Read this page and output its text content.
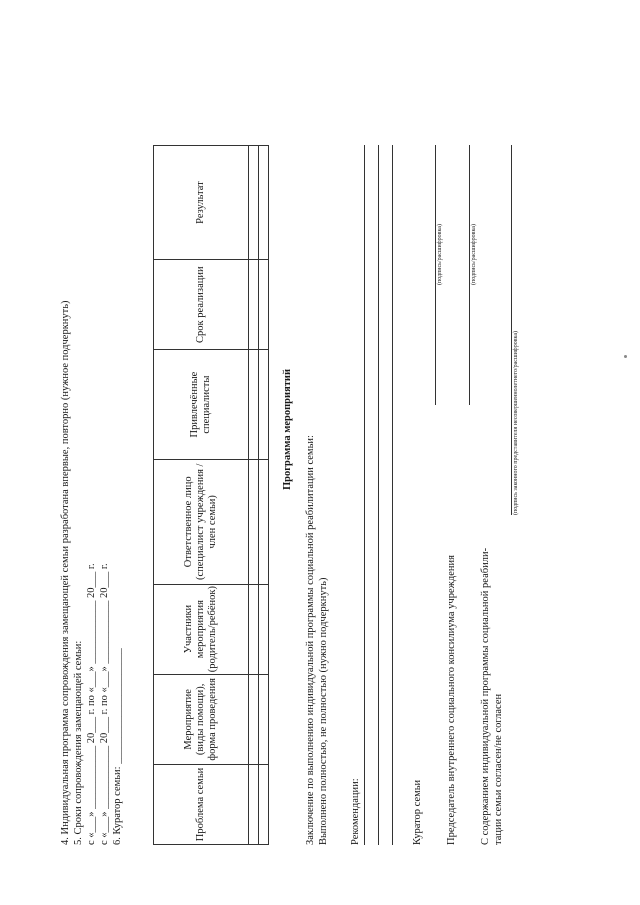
4. Индивидуальная программа сопровождения замещающей семьи разработана впервые, повторно (нужное подчеркнуть) 5. Сроки сопровождения замещающей семьи: с «___» ____________ 20___ г. по «___» ____________ 20___ г. с «___» ____________ 20___ г. по «___» ____________ 20___ г. 6. Куратор семьи: ______________________	Проблема семьи	Мероприятие (виды помощи), форма проведения	Участники мероприятия (родитель/ребёнок)	Ответственное лицо (специалист учреждения / член семьи)	Привлечённые специалисты	Срок реализации	Результат

Программа мероприятий
Заключение по выполнению индивидуальной программы социальной реабилитации семьи: Выполнено полностью, не полностью (нужно подчеркнуть) Рекомендации:	Куратор семьи
(подпись/расшифровка)
Председатель внутреннего социального консилиума учреждения
(подпись/расшифровка)
С содержанием индивидуальной программы социальной реабили- тации семьи согласен/не согласен
(подпись законного представителя несовершеннолетнего/расшифровка)
